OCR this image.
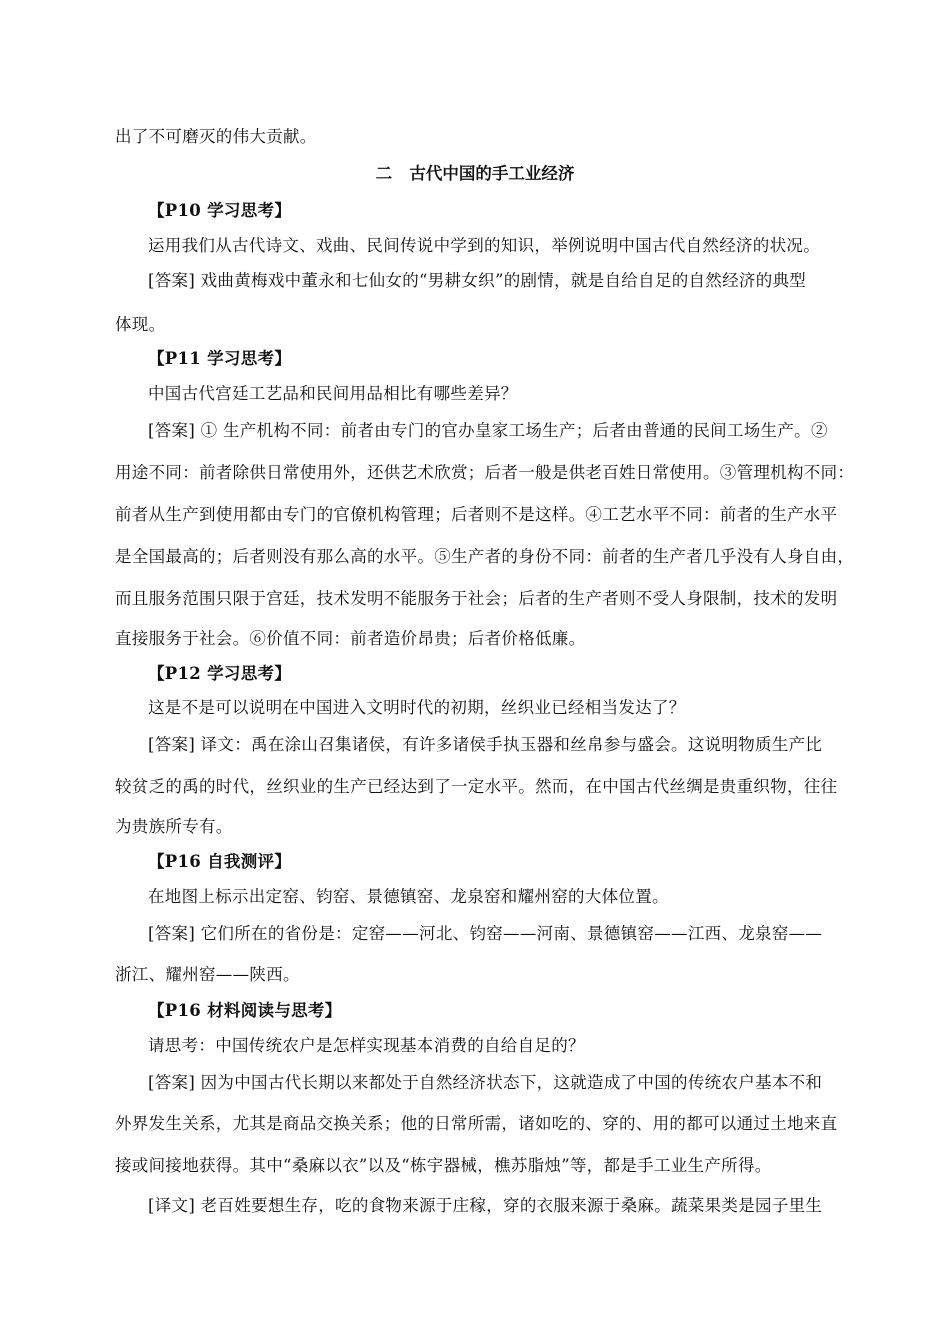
出了不可磨灭的伟大贡献。
二   古代中国的手工业经济
【P10 学习思考】
运用我们从古代诗文、戏曲、民间传说中学到的知识，举例说明中国古代自然经济的状况。
[答案] 戏曲黄梅戏中董永和七仙女的“男耕女织”的剧情，就是自给自足的自然经济的典型
体现。
【P11 学习思考】
中国古代宫廷工艺品和民间用品相比有哪些差异？
[答案] ① 生产机构不同：前者由专门的官办皇家工场生产；后者由普通的民间工场生产。②
用途不同：前者除供日常使用外，还供艺术欣赏；后者一般是供老百姓日常使用。③管理机构不同：
前者从生产到使用都由专门的官僚机构管理；后者则不是这样。④工艺水平不同：前者的生产水平
是全国最高的；后者则没有那么高的水平。⑤生产者的身份不同：前者的生产者几乎没有人身自由，
而且服务范围只限于宫廷，技术发明不能服务于社会；后者的生产者则不受人身限制，技术的发明
直接服务于社会。⑥价值不同：前者造价昂贵；后者价格低廉。
【P12 学习思考】
这是不是可以说明在中国进入文明时代的初期，丝织业已经相当发达了？
[答案] 译文：禹在涂山召集诸侯，有许多诸侯手执玉器和丝帛参与盛会。这说明物质生产比
较贫乏的禹的时代，丝织业的生产已经达到了一定水平。然而，在中国古代丝绸是贵重织物，往往
为贵族所专有。
【P16 自我测评】
在地图上标示出定窑、钧窑、景德镇窑、龙泉窑和耀州窑的大体位置。
[答案] 它们所在的省份是：定窑——河北、钧窑——河南、景德镇窑——江西、龙泉窑——
浙江、耀州窑——陕西。
【P16 材料阅读与思考】
请思考：中国传统农户是怎样实现基本消费的自给自足的？
[答案] 因为中国古代长期以来都处于自然经济状态下，这就造成了中国的传统农户基本不和
外界发生关系，尤其是商品交换关系；他的日常所需，诸如吃的、穿的、用的都可以通过土地来直
接或间接地获得。其中“桑麻以衣”以及“栋宇器械，樵苏脂烛”等，都是手工业生产所得。
[译文] 老百姓要想生存，吃的食物来源于庄稼，穿的衣服来源于桑麻。蔬菜果类是园子里生
